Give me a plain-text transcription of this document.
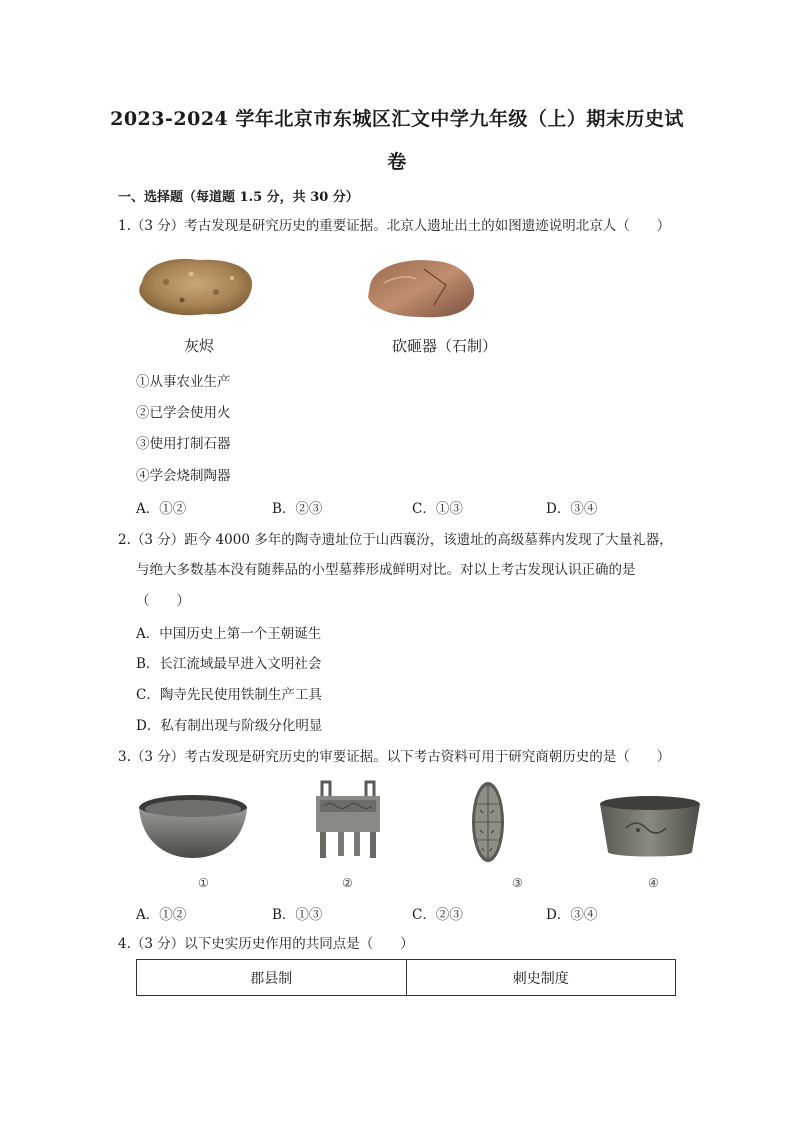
2023-2024 学年北京市东城区汇文中学九年级（上）期末历史试
卷
一、选择题（每道题 1.5 分，共 30 分）
1.（3 分）考古发现是研究历史的重要证据。北京人遗址出土的如图遗迹说明北京人（　　）
灰烬	砍砸器（石制）
①从事农业生产
②已学会使用火
③使用打制石器
④学会烧制陶器
A．①②	B．②③	C．①③	D．③④
2.（3 分）距今 4000 多年的陶寺遗址位于山西襄汾，该遗址的高级墓葬内发现了大量礼器，
与绝大多数基本没有随葬品的小型墓葬形成鲜明对比。对以上考古发现认识正确的是
（　　）
A．中国历史上第一个王朝诞生
B．长江流域最早进入文明社会
C．陶寺先民使用铁制生产工具
D．私有制出现与阶级分化明显
3.（3 分）考古发现是研究历史的审要证据。以下考古资料可用于研究商朝历史的是（　　）
①	②	③	④
A．①②	B．①③	C．②③	D．③④
4.（3 分）以下史实历史作用的共同点是（　　）
郡县制	刺史制度
